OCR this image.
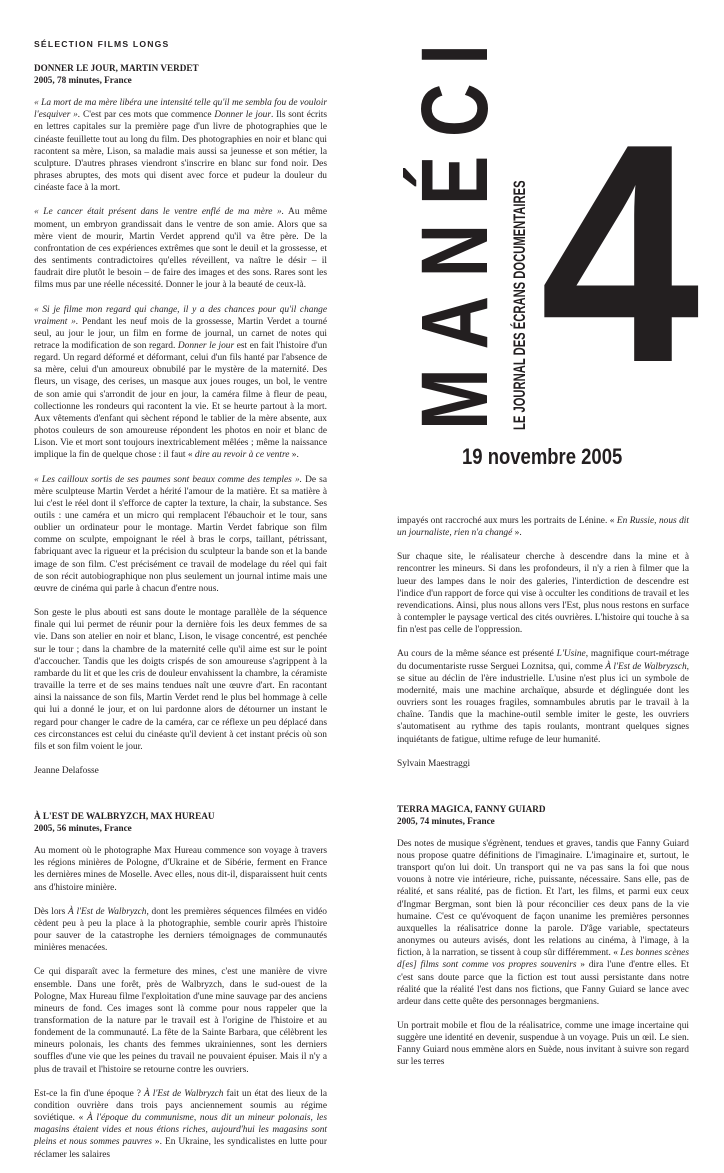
SÉLECTION FILMS LONGS
DONNER LE JOUR, MARTIN VERDET
2005, 78 minutes, France

« La mort de ma mère libéra une intensité telle qu'il me sembla fou de vouloir l'esquiver ». C'est par ces mots que commence Donner le jour. Ils sont écrits en lettres capitales sur la première page d'un livre de photographies que le cinéaste feuillette tout au long du film. Des photographies en noir et blanc qui racontent sa mère, Lison, sa maladie mais aussi sa jeunesse et son métier, la sculpture. D'autres phrases viendront s'inscrire en blanc sur fond noir. Des phrases abruptes, des mots qui disent avec force et pudeur la douleur du cinéaste face à la mort.

« Le cancer était présent dans le ventre enflé de ma mère ». Au même moment, un embryon grandissait dans le ventre de son amie. Alors que sa mère vient de mourir, Martin Verdet apprend qu'il va être père. De la confrontation de ces expériences extrêmes que sont le deuil et la grossesse, et des sentiments contradictoires qu'elles réveillent, va naître le désir – il faudrait dire plutôt le besoin – de faire des images et des sons. Rares sont les films mus par une réelle nécessité. Donner le jour à la beauté de ceux-là.

« Si je filme mon regard qui change, il y a des chances pour qu'il change vraiment ». Pendant les neuf mois de la grossesse, Martin Verdet a tourné seul, au jour le jour, un film en forme de journal, un carnet de notes qui retrace la modification de son regard. Donner le jour est en fait l'histoire d'un regard. Un regard déformé et déformant, celui d'un fils hanté par l'absence de sa mère, celui d'un amoureux obnubilé par le mystère de la maternité. Des fleurs, un visage, des cerises, un masque aux joues rouges, un bol, le ventre de son amie qui s'arrondit de jour en jour, la caméra filme à fleur de peau, collectionne les rondeurs qui racontent la vie. Et se heurte partout à la mort. Aux vêtements d'enfant qui sèchent répond le tablier de la mère absente, aux photos couleurs de son amoureuse répondent les photos en noir et blanc de Lison. Vie et mort sont toujours inextricablement mêlées ; même la naissance implique la fin de quelque chose : il faut « dire au revoir à ce ventre ».

« Les cailloux sortis de ses paumes sont beaux comme des temples ». De sa mère sculpteuse Martin Verdet a hérité l'amour de la matière. Et sa matière à lui c'est le réel dont il s'efforce de capter la texture, la chair, la substance. Ses outils : une caméra et un micro qui remplacent l'ébauchoir et le tour, sans oublier un ordinateur pour le montage. Martin Verdet fabrique son film comme on sculpte, empoignant le réel à bras le corps, taillant, pétrissant, fabriquant avec la rigueur et la précision du sculpteur la bande son et la bande image de son film. C'est précisément ce travail de modelage du réel qui fait de son récit autobiographique non plus seulement un journal intime mais une œuvre de cinéma qui parle à chacun d'entre nous.

Son geste le plus abouti est sans doute le montage parallèle de la séquence finale qui lui permet de réunir pour la dernière fois les deux femmes de sa vie. Dans son atelier en noir et blanc, Lison, le visage concentré, est penchée sur le tour ; dans la chambre de la maternité celle qu'il aime est sur le point d'accoucher. Tandis que les doigts crispés de son amoureuse s'agrippent à la rambarde du lit et que les cris de douleur envahissent la chambre, la céramiste travaille la terre et de ses mains tendues naît une œuvre d'art. En racontant ainsi la naissance de son fils, Martin Verdet rend le plus bel hommage à celle qui lui a donné le jour, et on lui pardonne alors de détourner un instant le regard pour changer le cadre de la caméra, car ce réflexe un peu déplacé dans ces circonstances est celui du cinéaste qu'il devient à cet instant précis où son fils et son film voient le jour.

Jeanne Delafosse

À L'EST DE WALBRYZCH, MAX HUREAU
2005, 56 minutes, France

Au moment où le photographe Max Hureau commence son voyage à travers les régions minières de Pologne, d'Ukraine et de Sibérie, ferment en France les dernières mines de Moselle. Avec elles, nous dit-il, disparaissent huit cents ans d'histoire minière.

Dès lors À l'Est de Walbryzch, dont les premières séquences filmées en vidéo cèdent peu à peu la place à la photographie, semble courir après l'histoire pour sauver de la catastrophe les derniers témoignages de communautés minières menacées.

Ce qui disparaît avec la fermeture des mines, c'est une manière de vivre ensemble. Dans une forêt, près de Walbryzch, dans le sud-ouest de la Pologne, Max Hureau filme l'exploitation d'une mine sauvage par des anciens mineurs de fond. Ces images sont là comme pour nous rappeler que la transformation de la nature par le travail est à l'origine de l'histoire et au fondement de la communauté. La fête de la Sainte Barbara, que célèbrent les mineurs polonais, les chants des femmes ukrainiennes, sont les derniers souffles d'une vie que les peines du travail ne pouvaient épuiser. Mais il n'y a plus de travail et l'histoire se retourne contre les ouvriers.

Est-ce la fin d'une époque ? À l'Est de Walbryzch fait un état des lieux de la condition ouvrière dans trois pays anciennement soumis au régime soviétique. « À l'époque du communisme, nous dit un mineur polonais, les magasins étaient vides et nous étions riches, aujourd'hui les magasins sont pleins et nous sommes pauvres ». En Ukraine, les syndicalistes en lutte pour réclamer les salaires

MANÉCI LE JOURNAL DES ÉCRANS DOCUMENTAIRES 4
19 novembre 2005

impayés ont raccroché aux murs les portraits de Lénine. « En Russie, nous dit un journaliste, rien n'a changé ».

Sur chaque site, le réalisateur cherche à descendre dans la mine et à rencontrer les mineurs. Si dans les profondeurs, il n'y a rien à filmer que la lueur des lampes dans le noir des galeries, l'interdiction de descendre est l'indice d'un rapport de force qui vise à occulter les conditions de travail et les revendications. Ainsi, plus nous allons vers l'Est, plus nous restons en surface à contempler le paysage vertical des cités ouvrières. L'histoire qui touche à sa fin n'est pas celle de l'oppression.

Au cours de la même séance est présenté L'Usine, magnifique court-métrage du documentariste russe Serguei Loznitsa, qui, comme À l'Est de Walbryzsch, se situe au déclin de l'ère industrielle. L'usine n'est plus ici un symbole de modernité, mais une machine archaïque, absurde et déglinguée dont les ouvriers sont les rouages fragiles, somnambules abrutis par le travail à la chaîne. Tandis que la machine-outil semble imiter le geste, les ouvriers s'automatisent au rythme des tapis roulants, montrant quelques signes inquiétants de fatigue, ultime refuge de leur humanité.

Sylvain Maestraggi

TERRA MAGICA, FANNY GUIARD
2005, 74 minutes, France

Des notes de musique s'égrènent, tendues et graves, tandis que Fanny Guiard nous propose quatre définitions de l'imaginaire. L'imaginaire et, surtout, le transport qu'on lui doit. Un transport qui ne va pas sans la foi que nous vouons à notre vie intérieure, riche, puissante, nécessaire. Sans elle, pas de réalité, et sans réalité, pas de fiction. Et l'art, les films, et parmi eux ceux d'Ingmar Bergman, sont bien là pour réconcilier ces deux pans de la vie humaine. C'est ce qu'évoquent de façon unanime les premières personnes auxquelles la réalisatrice donne la parole. D'âge variable, spectateurs anonymes ou auteurs avisés, dont les relations au cinéma, à l'image, à la fiction, à la narration, se tissent à coup sûr différemment. « Les bonnes scènes d[es] films sont comme vos propres souvenirs » dira l'une d'entre elles. Et c'est sans doute parce que la fiction est tout aussi persistante dans notre réalité que la réalité l'est dans nos fictions, que Fanny Guiard se lance avec ardeur dans cette quête des personnages bergmaniens.

Un portrait mobile et flou de la réalisatrice, comme une image incertaine qui suggère une identité en devenir, suspendue à un voyage. Puis un œil. Le sien. Fanny Guiard nous emmène alors en Suède, nous invitant à suivre son regard sur les terres
